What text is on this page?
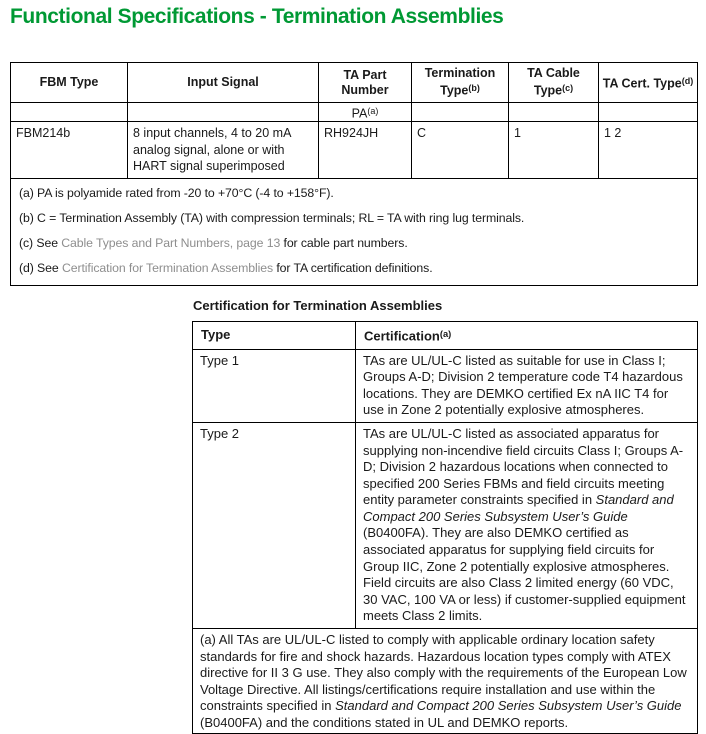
Functional Specifications - Termination Assemblies
FBM Type	Input Signal	TA Part Number	Termination Type$^{(b)}$	TA Cable Type$^{(c)}$	TA Cert. Type$^{(d)}$
		PA$^{(a)}$			
FBM214b	8 input channels, 4 to 20 mA analog signal, alone or with HART signal superimposed	RH924JH	C	1	1 2

(a) PA is polyamide rated from -20 to +70°C (-4 to +158°F).

(b) C = Termination Assembly (TA) with compression terminals; RL = TA with ring lug terminals.

(c) See Cable Types and Part Numbers, page 13 for cable part numbers.

(d) See Certification for Termination Assemblies for TA certification definitions.					

Certification for Termination Assemblies
Type	Certification$^{(a)}$
Type 1	TAs are UL/UL-C listed as suitable for use in Class I; Groups A-D; Division 2 temperature code T4 hazardous locations. They are DEMKO certified Ex nA IIC T4 for use in Zone 2 potentially explosive atmospheres.
Type 2	TAs are UL/UL-C listed as associated apparatus for supplying non-incendive field circuits Class I; Groups A-D; Division 2 hazardous locations when connected to specified 200 Series FBMs and field circuits meeting entity parameter constraints specified in Standard and Compact 200 Series Subsystem User’s Guide (B0400FA). They are also DEMKO certified as associated apparatus for supplying field circuits for Group IIC, Zone 2 potentially explosive atmospheres. Field circuits are also Class 2 limited energy (60 VDC, 30 VAC, 100 VA or less) if customer-supplied equipment meets Class 2 limits.
(a) All TAs are UL/UL-C listed to comply with applicable ordinary location safety standards for fire and shock hazards. Hazardous location types comply with ATEX directive for II 3 G use. They also comply with the requirements of the European Low Voltage Directive. All listings/certifications require installation and use within the constraints specified in Standard and Compact 200 Series Subsystem User’s Guide (B0400FA) and the conditions stated in UL and DEMKO reports.	
